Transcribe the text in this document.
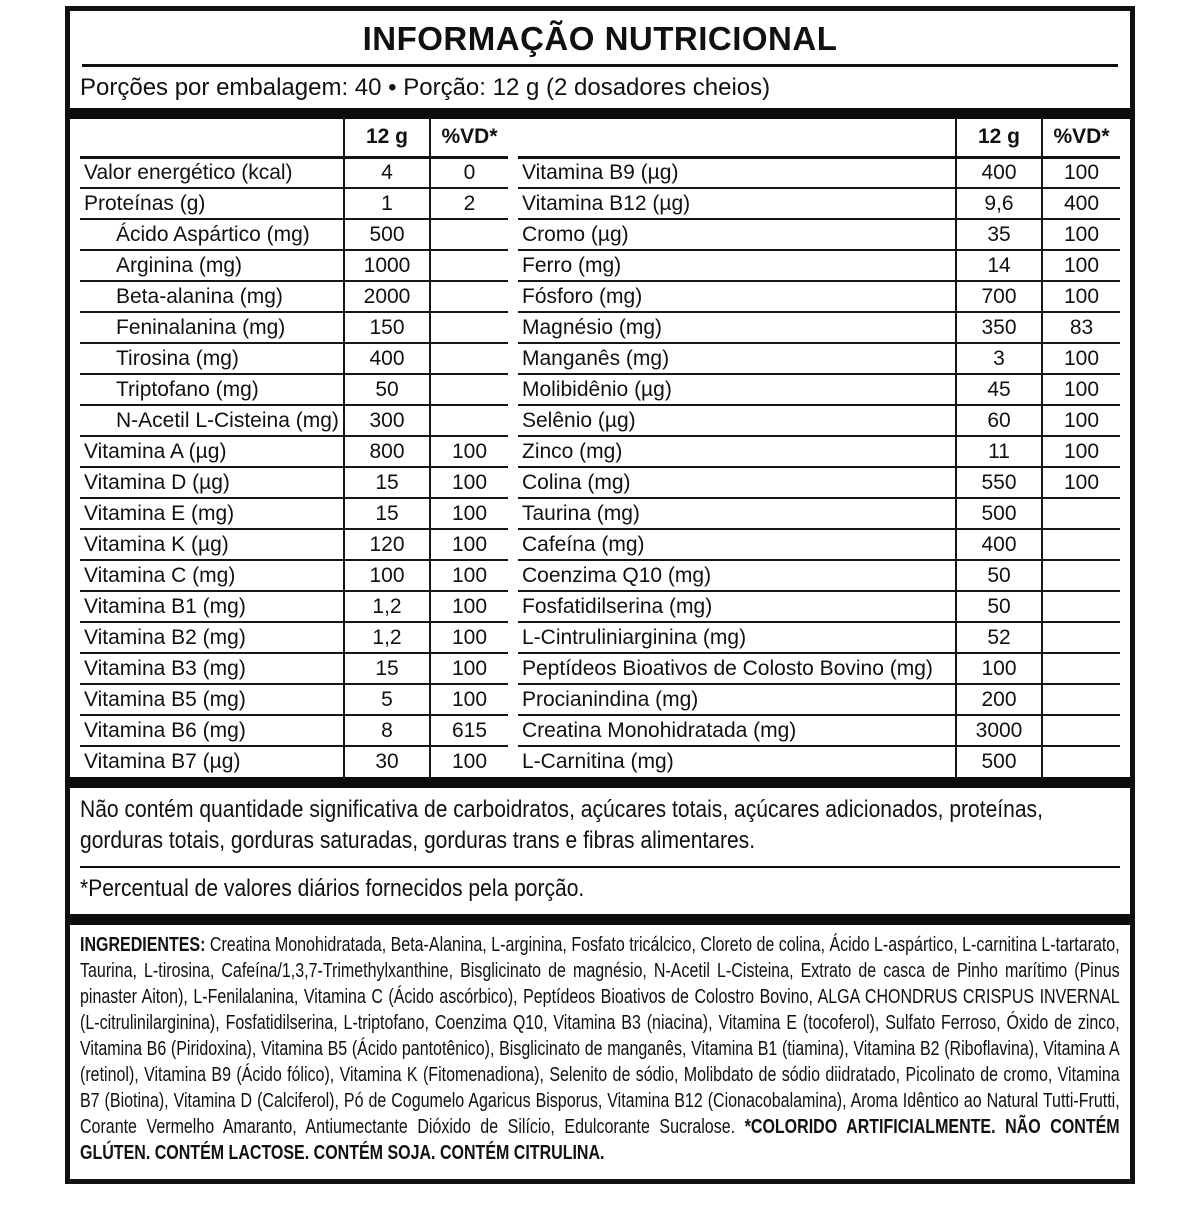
INFORMAÇÃO NUTRICIONAL
Porções por embalagem: 40 • Porção: 12 g (2 dosadores cheios)
	12 g	%VD*
Valor energético (kcal)	4	0
Proteínas (g)	1	2
Ácido Aspártico (mg)	500	
Arginina (mg)	1000	
Beta-alanina (mg)	2000	
Feninalanina (mg)	150	
Tirosina (mg)	400	
Triptofano (mg)	50	
N-Acetil L-Cisteina (mg)	300	
Vitamina A (µg)	800	100
Vitamina D (µg)	15	100
Vitamina E (mg)	15	100
Vitamina K (µg)	120	100
Vitamina C (mg)	100	100
Vitamina B1 (mg)	1,2	100
Vitamina B2 (mg)	1,2	100
Vitamina B3 (mg)	15	100
Vitamina B5 (mg)	5	100
Vitamina B6 (mg)	8	615
Vitamina B7 (µg)	30	100
	12 g	%VD*
Vitamina B9 (µg)	400	100
Vitamina B12 (µg)	9,6	400
Cromo (µg)	35	100
Ferro (mg)	14	100
Fósforo (mg)	700	100
Magnésio (mg)	350	83
Manganês (mg)	3	100
Molibidênio (µg)	45	100
Selênio (µg)	60	100
Zinco (mg)	11	100
Colina (mg)	550	100
Taurina (mg)	500	
Cafeína (mg)	400	
Coenzima Q10 (mg)	50	
Fosfatidilserina (mg)	50	
L-Cintruliniarginina (mg)	52	
Peptídeos Bioativos de Colosto Bovino (mg)	100	
Procianindina (mg)	200	
Creatina Monohidratada (mg)	3000	
L-Carnitina (mg)	500	
Não contém quantidade significativa de carboidratos, açúcares totais, açúcares adicionados, proteínas, gorduras totais, gorduras saturadas, gorduras trans e fibras alimentares.
*Percentual de valores diários fornecidos pela porção.
INGREDIENTES: Creatina Monohidratada, Beta-Alanina, L-arginina, Fosfato tricálcico, Cloreto de colina, Ácido L-aspártico, L-carnitina L-tartarato, Taurina, L-tirosina, Cafeína/1,3,7-Trimethylxanthine, Bisglicinato de magnésio, N-Acetil L-Cisteina, Extrato de casca de Pinho marítimo (Pinus pinaster Aiton), L-Fenilalanina, Vitamina C (Ácido ascórbico), Peptídeos Bioativos de Colostro Bovino, ALGA CHONDRUS CRISPUS INVERNAL (L-citrulinilarginina), Fosfatidilserina, L-triptofano, Coenzima Q10, Vitamina B3 (niacina), Vitamina E (tocoferol), Sulfato Ferroso, Óxido de zinco, Vitamina B6 (Piridoxina), Vitamina B5 (Ácido pantotênico), Bisglicinato de manganês, Vitamina B1 (tiamina), Vitamina B2 (Riboflavina), Vitamina A (retinol), Vitamina B9 (Ácido fólico), Vitamina K (Fitomenadiona), Selenito de sódio, Molibdato de sódio diidratado, Picolinato de cromo, Vitamina B7 (Biotina), Vitamina D (Calciferol), Pó de Cogumelo Agaricus Bisporus, Vitamina B12 (Cionacobalamina), Aroma Idêntico ao Natural Tutti-Frutti, Corante Vermelho Amaranto, Antiumectante Dióxido de Silício, Edulcorante Sucralose. *COLORIDO ARTIFICIALMENTE. NÃO CONTÉM GLÚTEN. CONTÉM LACTOSE. CONTÉM SOJA. CONTÉM CITRULINA.
